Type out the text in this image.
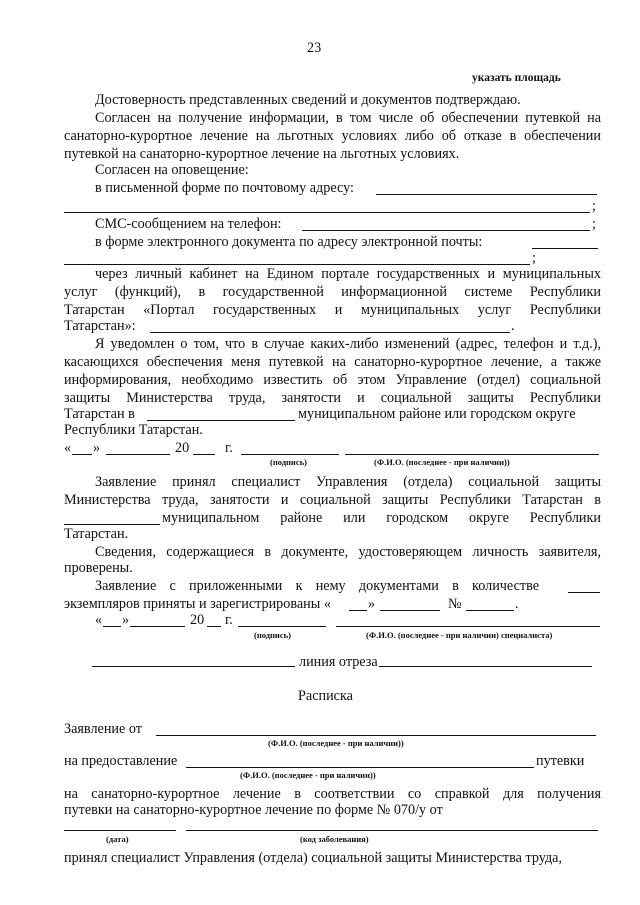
23
указать площадь
Достоверность представленных сведений и документов подтверждаю.
Согласен на получение информации, в том числе об обеспечении путевкой на
санаторно-курортное лечение на льготных условиях либо об отказе в обеспечении
путевкой на санаторно-курортное лечение на льготных условиях.
Согласен на оповещение:
в письменной форме по почтовому адресу:
;
СМС-сообщением на телефон:	;
в форме электронного документа по адресу электронной почты:
;
через личный кабинет на Едином портале государственных и муниципальных
услуг (функций), в государственной информационной системе Республики
Татарстан «Портал государственных и муниципальных услуг Республики
Татарстан»:	.
Я уведомлен о том, что в случае каких-либо изменений (адрес, телефон и т.д.),
касающихся обеспечения меня путевкой на санаторно-курортное лечение, а также
информирования, необходимо известить об этом Управление (отдел) социальной
защиты Министерства труда, занятости и социальной защиты Республики
Татарстан в	муниципальном районе или городском округе
Республики Татарстан.
« »	20	г.
(подпись)	(Ф.И.О. (последнее - при наличии))
Заявление принял специалист Управления (отдела) социальной защиты
Министерства труда, занятости и социальной защиты Республики Татарстан в
муниципальном районе или городском округе Республики
Татарстан.
Сведения, содержащиеся в документе, удостоверяющем личность заявителя,
проверены.
Заявление с приложенными к нему документами в количестве
экземпляров приняты и зарегистрированы «	»	№	.
« »	20 г.
(подпись)	(Ф.И.О. (последнее - при наличии) специалиста)
линия отреза
Расписка
Заявление от
(Ф.И.О. (последнее - при наличии))
на предоставление	путевки
(Ф.И.О. (последнее - при наличии))
на санаторно-курортное лечение в соответствии со справкой для получения
путевки на санаторно-курортное лечение по форме № 070/у от
(дата)	(код заболевания)
принял специалист Управления (отдела) социальной защиты Министерства труда,
